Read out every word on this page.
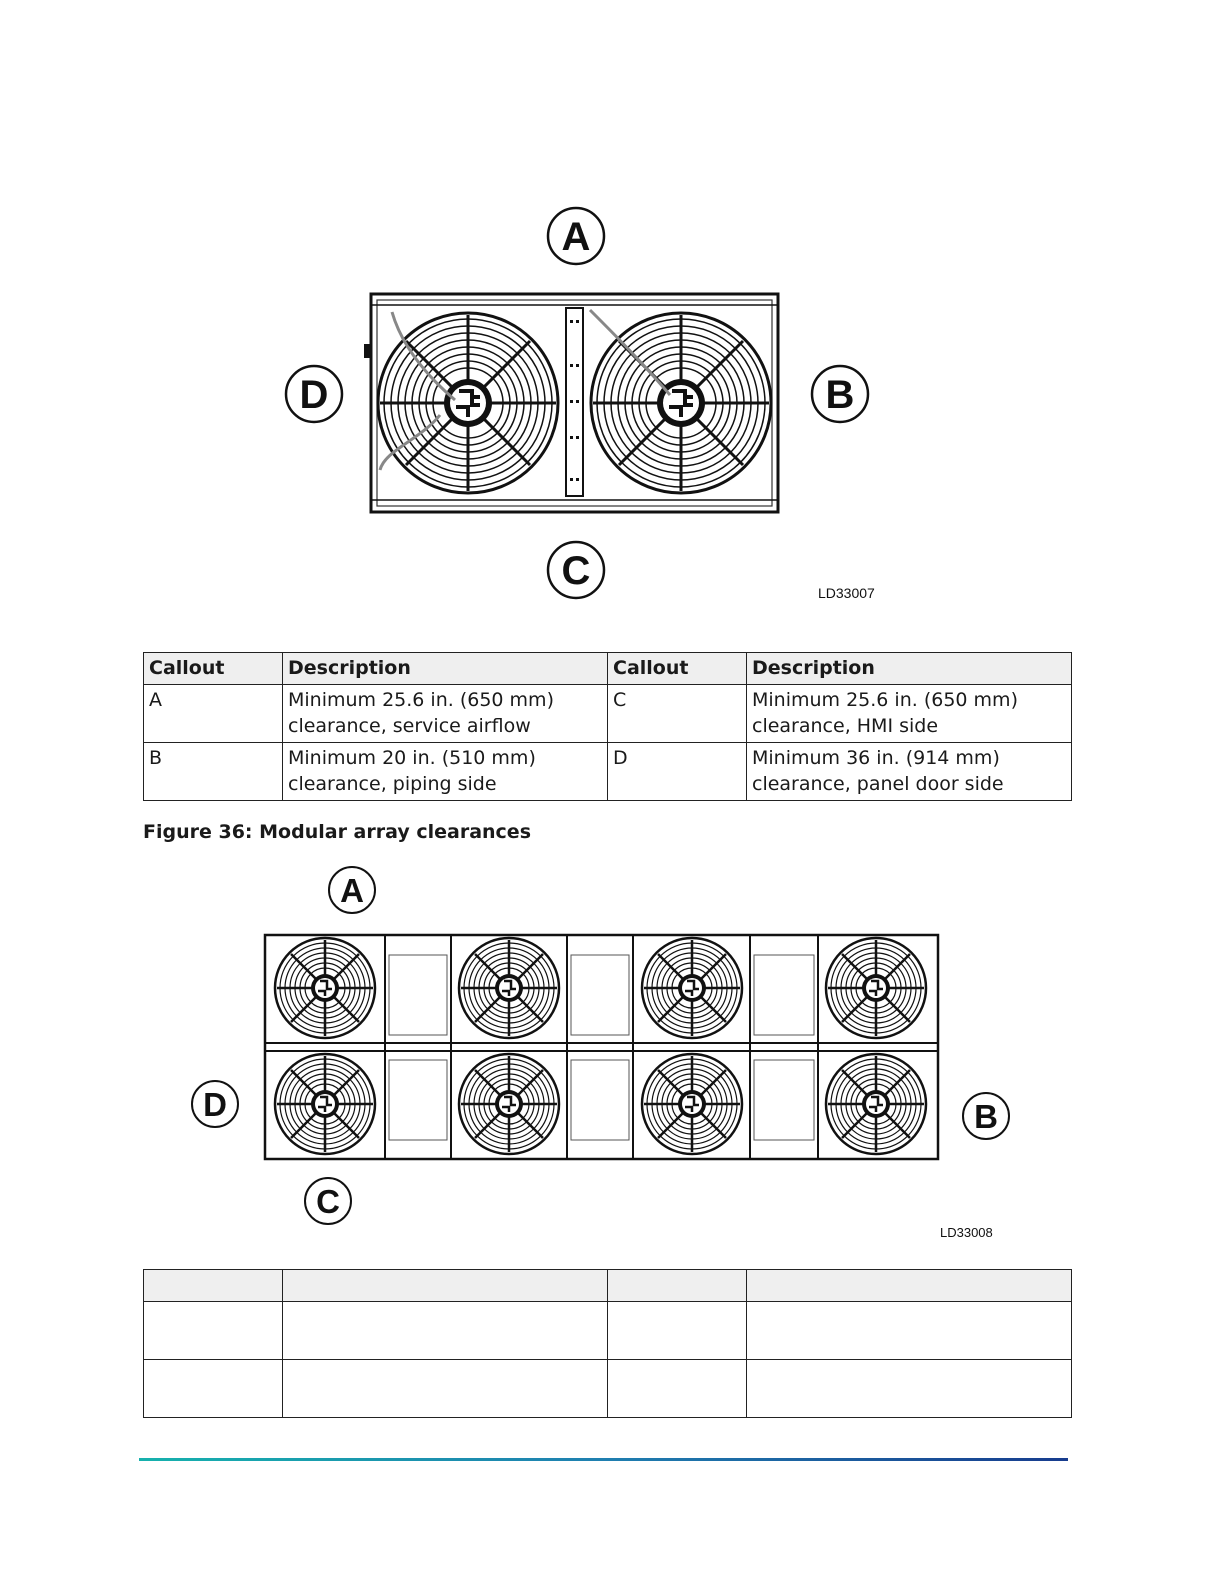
A
B
C
D
LD33007
Callout	Description	Callout	Description
A	Minimum 25.6 in. (650 mm) clearance, service airflow	C	Minimum 25.6 in. (650 mm) clearance, HMI side
B	Minimum 20 in. (510 mm) clearance, piping side	D	Minimum 36 in. (914 mm) clearance, panel door side
Figure 36: Modular array clearances
A
B
C
D
LD33008
